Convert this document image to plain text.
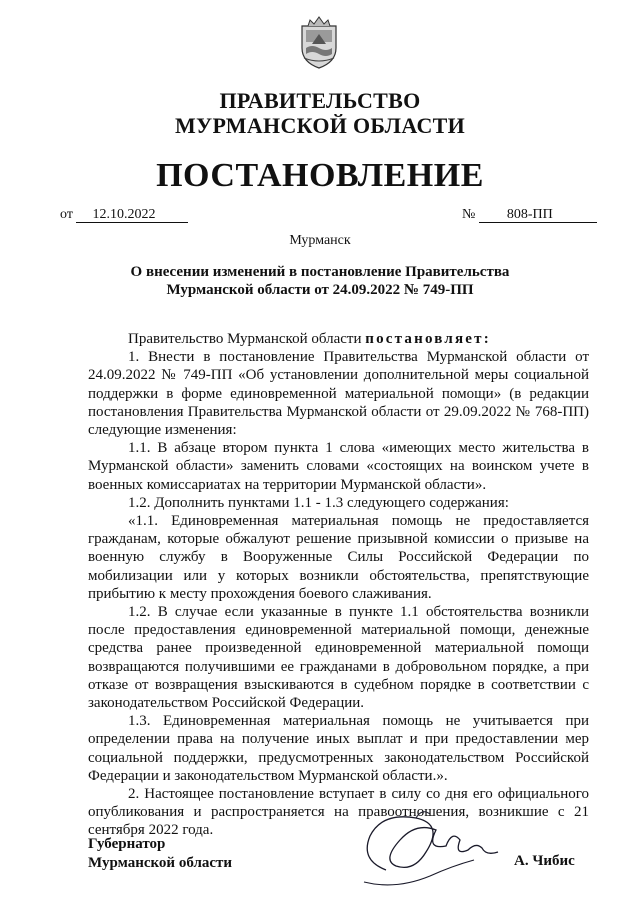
ПРАВИТЕЛЬСТВО
МУРМАНСКОЙ ОБЛАСТИ
ПОСТАНОВЛЕНИЕ
от 12.10.2022	№ 808-ПП
Мурманск
О внесении изменений в постановление Правительства
Мурманской области от 24.09.2022 № 749-ПП

Правительство Мурманской области постановляет:

1. Внести в постановление Правительства Мурманской области от 24.09.2022 № 749-ПП «Об установлении дополнительной меры социальной поддержки в форме единовременной материальной помощи» (в редакции постановления Правительства Мурманской области от 29.09.2022 № 768-ПП) следующие изменения:

1.1. В абзаце втором пункта 1 слова «имеющих место жительства в Мурманской области» заменить словами «состоящих на воинском учете в военных комиссариатах на территории Мурманской области».

1.2. Дополнить пунктами 1.1 - 1.3 следующего содержания:

«1.1. Единовременная материальная помощь не предоставляется гражданам, которые обжалуют решение призывной комиссии о призыве на военную службу в Вооруженные Силы Российской Федерации по мобилизации или у которых возникли обстоятельства, препятствующие прибытию к месту прохождения боевого слаживания.

1.2. В случае если указанные в пункте 1.1 обстоятельства возникли после предоставления единовременной материальной помощи, денежные средства ранее произведенной единовременной материальной помощи возвращаются получившими ее гражданами в добровольном порядке, а при отказе от возвращения взыскиваются в судебном порядке в соответствии с законодательством Российской Федерации.

1.3. Единовременная материальная помощь не учитывается при определении права на получение иных выплат и при предоставлении мер социальной поддержки, предусмотренных законодательством Российской Федерации и законодательством Мурманской области.».

2. Настоящее постановление вступает в силу со дня его официального опубликования и распространяется на правоотношения, возникшие с 21 сентября 2022 года.

Губернатор
Мурманской области	А. Чибис
